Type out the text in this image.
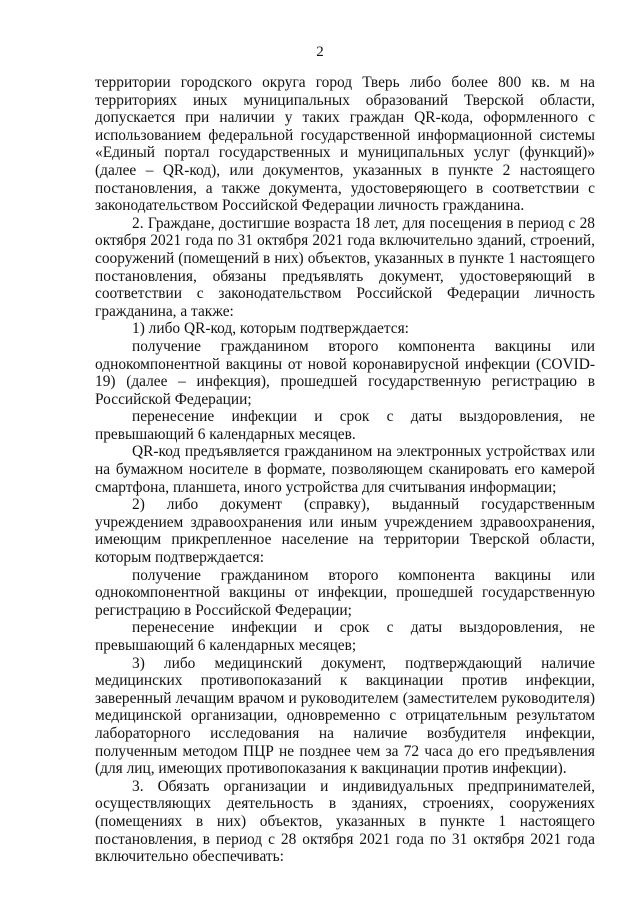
2

территории городского округа город Тверь либо более 800 кв. м на территориях иных муниципальных образований Тверской области, допускается при наличии у таких граждан QR-кода, оформленного с использованием федеральной государственной информационной системы «Единый портал государственных и муниципальных услуг (функций)» (далее – QR-код), или документов, указанных в пункте 2 настоящего постановления, а также документа, удостоверяющего в соответствии с законодательством Российской Федерации личность гражданина.

2. Граждане, достигшие возраста 18 лет, для посещения в период с 28 октября 2021 года по 31 октября 2021 года включительно зданий, строений, сооружений (помещений в них) объектов, указанных в пункте 1 настоящего постановления, обязаны предъявлять документ, удостоверяющий в соответствии с законодательством Российской Федерации личность гражданина, а также:

1) либо QR-код, которым подтверждается:

получение гражданином второго компонента вакцины или однокомпонентной вакцины от новой коронавирусной инфекции (COVID-19) (далее – инфекция), прошедшей государственную регистрацию в Российской Федерации;

перенесение инфекции и срок с даты выздоровления, не превышающий 6 календарных месяцев.

QR-код предъявляется гражданином на электронных устройствах или на бумажном носителе в формате, позволяющем сканировать его камерой смартфона, планшета, иного устройства для считывания информации;

2) либо документ (справку), выданный государственным учреждением здравоохранения или иным учреждением здравоохранения, имеющим прикрепленное население на территории Тверской области, которым подтверждается:

получение гражданином второго компонента вакцины или однокомпонентной вакцины от инфекции, прошедшей государственную регистрацию в Российской Федерации;

перенесение инфекции и срок с даты выздоровления, не превышающий 6 календарных месяцев;

3) либо медицинский документ, подтверждающий наличие медицинских противопоказаний к вакцинации против инфекции, заверенный лечащим врачом и руководителем (заместителем руководителя) медицинской организации, одновременно с отрицательным результатом лабораторного исследования на наличие возбудителя инфекции, полученным методом ПЦР не позднее чем за 72 часа до его предъявления (для лиц, имеющих противопоказания к вакцинации против инфекции).

3. Обязать организации и индивидуальных предпринимателей, осуществляющих деятельность в зданиях, строениях, сооружениях (помещениях в них) объектов, указанных в пункте 1 настоящего постановления, в период с 28 октября 2021 года по 31 октября 2021 года включительно обеспечивать:
